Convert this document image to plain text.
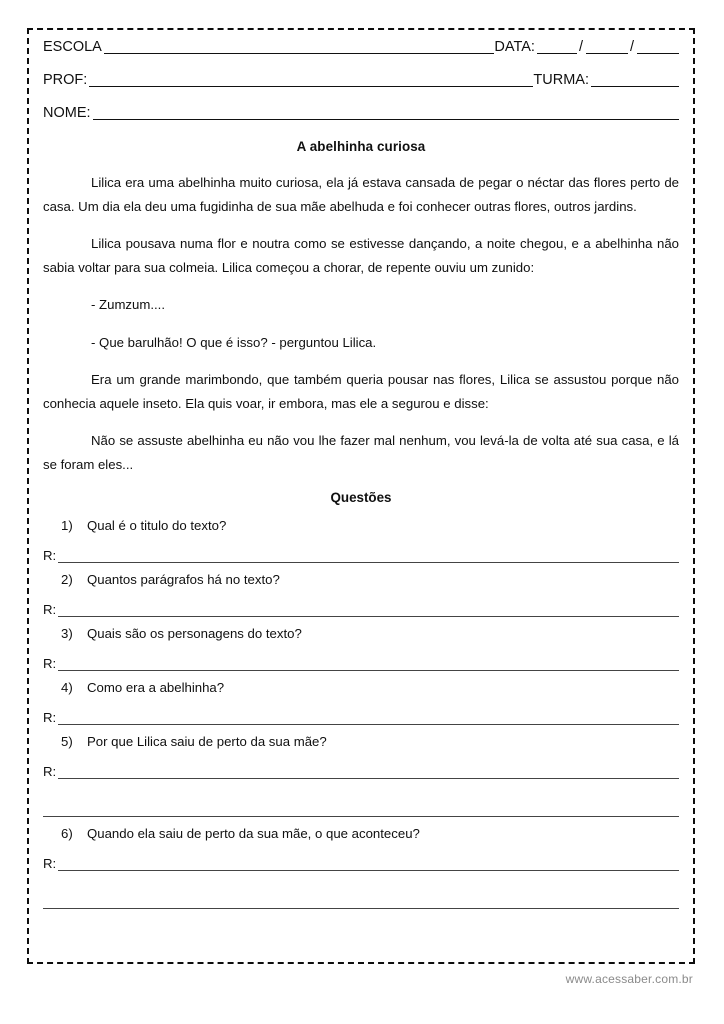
ESCOLA	DATA:	/	/
PROF:	TURMA:
NOME:
A abelhinha curiosa

Lilica era uma abelhinha muito curiosa, ela já estava cansada de pegar o néctar das flores perto de casa. Um dia ela deu uma fugidinha de sua mãe abelhuda e foi conhecer outras flores, outros jardins.

Lilica pousava numa flor e noutra como se estivesse dançando, a noite chegou, e a abelhinha não sabia voltar para sua colmeia. Lilica começou a chorar, de repente ouviu um zunido:

- Zumzum....

- Que barulhão! O que é isso? - perguntou Lilica.

Era um grande marimbondo, que também queria pousar nas flores, Lilica se assustou porque não conhecia aquele inseto. Ela quis voar, ir embora, mas ele a segurou e disse:

Não se assuste abelhinha eu não vou lhe fazer mal nenhum, vou levá-la de volta até sua casa, e lá se foram eles...

Questões
1)	Qual é o titulo do texto?
R:
2)	Quantos parágrafos há no texto?
R:
3)	Quais são os personagens do texto?
R:
4)	Como era a abelhinha?
R:
5)	Por que Lilica saiu de perto da sua mãe?
R:
6)	Quando ela saiu de perto da sua mãe, o que aconteceu?
R:
www.acessaber.com.br
